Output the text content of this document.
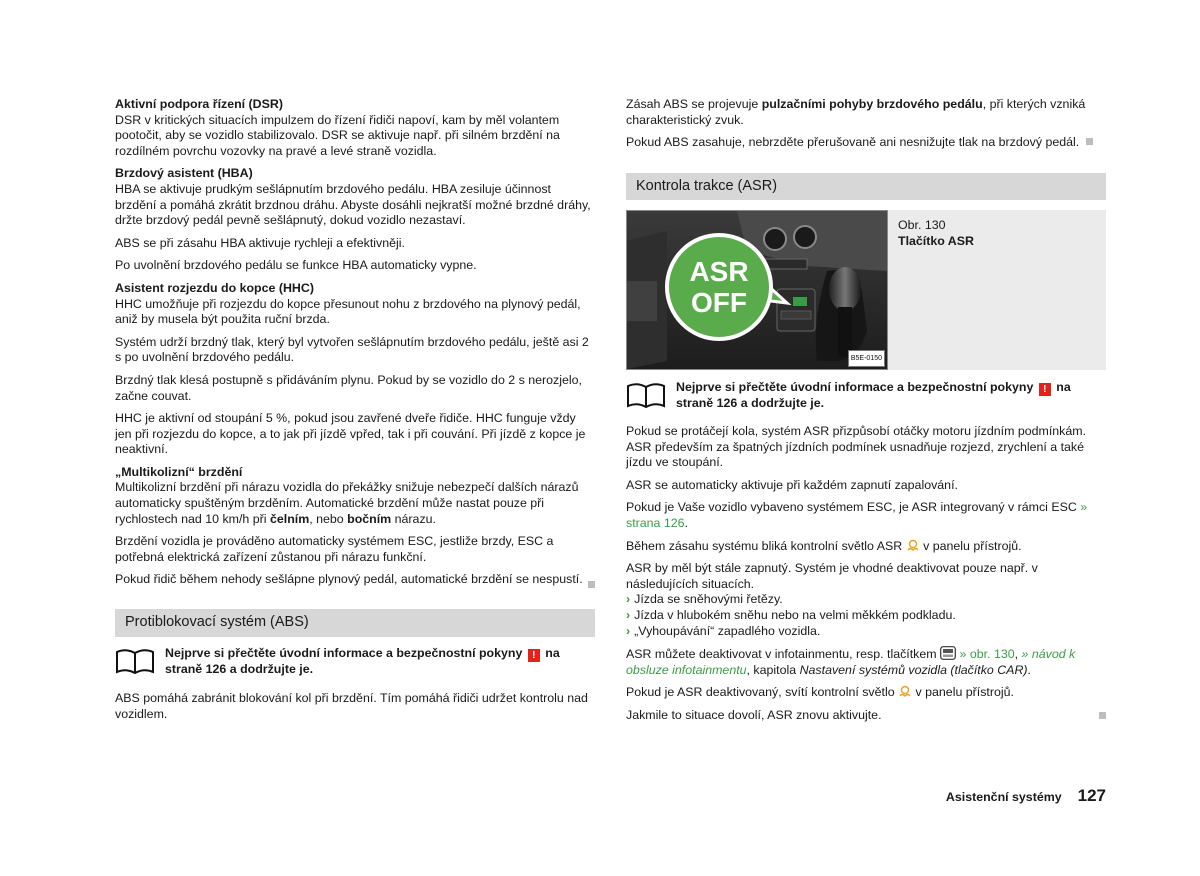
Aktivní podpora řízení (DSR)
DSR v kritických situacích impulzem do řízení řidiči napoví, kam by měl volantem pootočit, aby se vozidlo stabilizovalo. DSR se aktivuje např. při silném brzdění na rozdílném povrchu vozovky na pravé a levé straně vozidla.

Brzdový asistent (HBA)
HBA se aktivuje prudkým sešlápnutím brzdového pedálu. HBA zesiluje účinnost brzdění a pomáhá zkrátit brzdnou dráhu. Abyste dosáhli nejkratší možné brzdné dráhy, držte brzdový pedál pevně sešlápnutý, dokud vozidlo nezastaví.

ABS se při zásahu HBA aktivuje rychleji a efektivněji.

Po uvolnění brzdového pedálu se funkce HBA automaticky vypne.

Asistent rozjezdu do kopce (HHC)
HHC umožňuje při rozjezdu do kopce přesunout nohu z brzdového na plynový pedál, aniž by musela být použita ruční brzda.

Systém udrží brzdný tlak, který byl vytvořen sešlápnutím brzdového pedálu, ještě asi 2 s po uvolnění brzdového pedálu.

Brzdný tlak klesá postupně s přidáváním plynu. Pokud by se vozidlo do 2 s nerozjelo, začne couvat.

HHC je aktivní od stoupání 5 %, pokud jsou zavřené dveře řidiče. HHC funguje vždy jen při rozjezdu do kopce, a to jak při jízdě vpřed, tak i při couvání. Při jízdě z kopce je neaktivní.

„Multikolizní“ brzdění
Multikolizní brzdění při nárazu vozidla do překážky snižuje nebezpečí dalších nárazů automaticky spuštěným brzděním. Automatické brzdění může nastat pouze při rychlostech nad 10 km/h při čelním, nebo bočním nárazu.

Brzdění vozidla je prováděno automaticky systémem ESC, jestliže brzdy, ESC a potřebná elektrická zařízení zůstanou při nárazu funkční.

Pokud řidič během nehody sešlápne plynový pedál, automatické brzdění se nespustí.

Protiblokovací systém (ABS)
Nejprve si přečtěte úvodní informace a bezpečnostní pokyny ! na straně 126 a dodržujte je.

ABS pomáhá zabránit blokování kol při brzdění. Tím pomáhá řidiči udržet kontrolu nad vozidlem.

Zásah ABS se projevuje pulzačními pohyby brzdového pedálu, při kterých vzniká charakteristický zvuk.

Pokud ABS zasahuje, nebrzděte přerušovaně ani nesnižujte tlak na brzdový pedál.

Kontrola trakce (ASR)
ASR
OFF
B5E-0150
Obr. 130
Tlačítko ASR
Nejprve si přečtěte úvodní informace a bezpečnostní pokyny ! na straně 126 a dodržujte je.

Pokud se protáčejí kola, systém ASR přizpůsobí otáčky motoru jízdním podmínkám. ASR především za špatných jízdních podmínek usnadňuje rozjezd, zrychlení a také jízdu ve stoupání.

ASR se automaticky aktivuje při každém zapnutí zapalování.

Pokud je Vaše vozidlo vybaveno systémem ESC, je ASR integrovaný v rámci ESC » strana 126.

Během zásahu systému bliká kontrolní světlo ASR  v panelu přístrojů.

ASR by měl být stále zapnutý. Systém je vhodné deaktivovat pouze např. v následujících situacích.

› Jízda se sněhovými řetězy.
› Jízda v hlubokém sněhu nebo na velmi měkkém podkladu.
› „Vyhoupávání“ zapadlého vozidla.

ASR můžete deaktivovat v infotainmentu, resp. tlačítkem  » obr. 130, » návod k obsluze infotainmentu, kapitola Nastavení systémů vozidla (tlačítko CAR).

Pokud je ASR deaktivovaný, svítí kontrolní světlo  v panelu přístrojů.

Jakmile to situace dovolí, ASR znovu aktivujte.

Asistenční systémy 127
